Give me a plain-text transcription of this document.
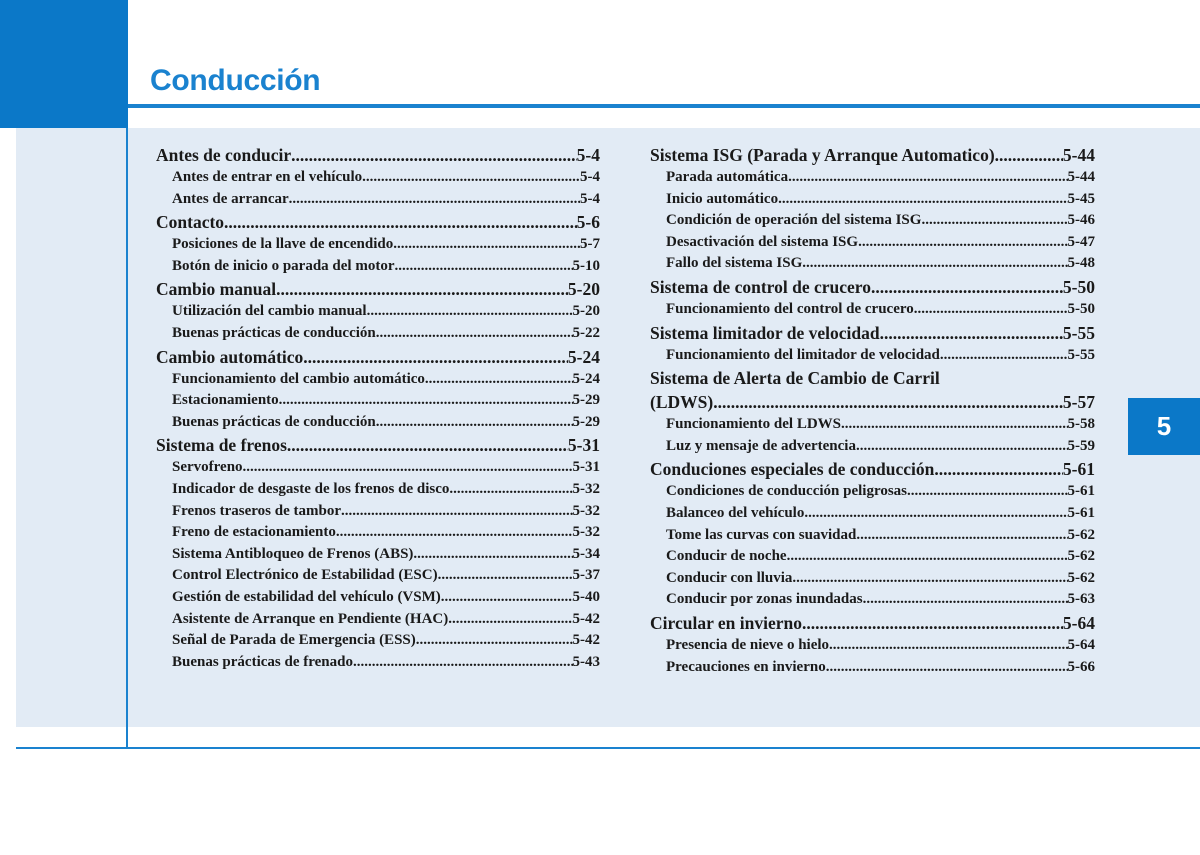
Conducción
5
Antes de conducir .....	5-4
Antes de entrar en el vehículo .....	5-4
Antes de arrancar .....	5-4
Contacto .....	5-6
Posiciones de la llave de encendido .....	5-7
Botón de inicio o parada del motor .....	5-10
Cambio manual .....	5-20
Utilización del cambio manual .....	5-20
Buenas prácticas de conducción .....	5-22
Cambio automático .....	5-24
Funcionamiento del cambio automático .....	5-24
Estacionamiento .....	5-29
Buenas prácticas de conducción .....	5-29
Sistema de frenos .....	5-31
Servofreno .....	5-31
Indicador de desgaste de los frenos de disco .....	5-32
Frenos traseros de tambor .....	5-32
Freno de estacionamiento .....	5-32
Sistema Antibloqueo de Frenos (ABS) .....	5-34
Control Electrónico de Estabilidad (ESC) .....	5-37
Gestión de estabilidad del vehículo (VSM) .....	5-40
Asistente de Arranque en Pendiente (HAC) .....	5-42
Señal de Parada de Emergencia (ESS) .....	5-42
Buenas prácticas de frenado .....	5-43
Sistema ISG (Parada y Arranque Automatico) .....	5-44
Parada automática .....	5-44
Inicio automático .....	5-45
Condición de operación del sistema ISG .....	5-46
Desactivación del sistema ISG .....	5-47
Fallo del sistema ISG .....	5-48
Sistema de control de crucero .....	5-50
Funcionamiento del control de crucero .....	5-50
Sistema limitador de velocidad .....	5-55
Funcionamiento del limitador de velocidad .....	5-55
Sistema de Alerta de Cambio de Carril
(LDWS) .....	5-57
Funcionamiento del LDWS .....	5-58
Luz y mensaje de advertencia .....	5-59
Conduciones especiales de conducción .....	5-61
Condiciones de conducción peligrosas .....	5-61
Balanceo del vehículo .....	5-61
Tome las curvas con suavidad .....	5-62
Conducir de noche .....	5-62
Conducir con lluvia .....	5-62
Conducir por zonas inundadas .....	5-63
Circular en invierno .....	5-64
Presencia de nieve o hielo .....	5-64
Precauciones en invierno .....	5-66
